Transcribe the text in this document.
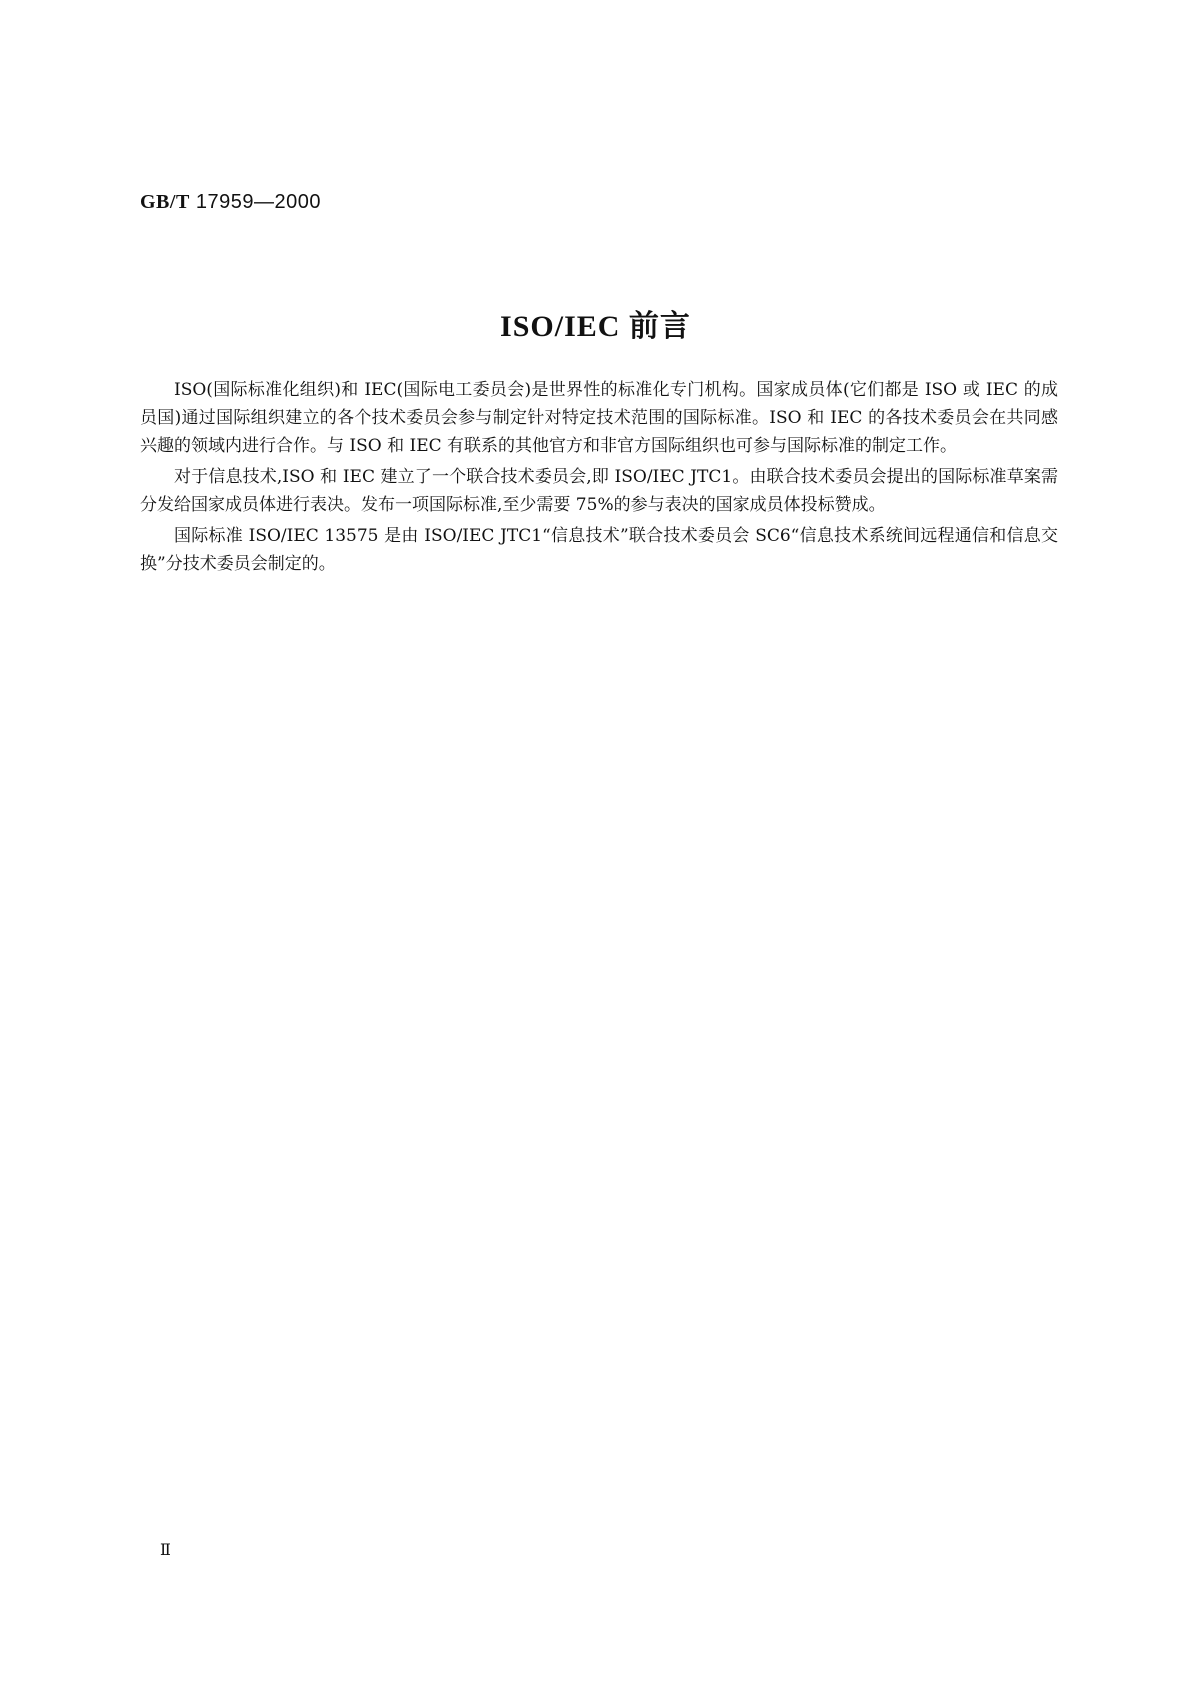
GB/T 17959—2000
ISO/IEC 前言

ISO(国际标准化组织)和 IEC(国际电工委员会)是世界性的标准化专门机构。国家成员体(它们都是 ISO 或 IEC 的成员国)通过国际组织建立的各个技术委员会参与制定针对特定技术范围的国际标准。ISO 和 IEC 的各技术委员会在共同感兴趣的领域内进行合作。与 ISO 和 IEC 有联系的其他官方和非官方国际组织也可参与国际标准的制定工作。

对于信息技术,ISO 和 IEC 建立了一个联合技术委员会,即 ISO/IEC JTC1。由联合技术委员会提出的国际标准草案需分发给国家成员体进行表决。发布一项国际标准,至少需要 75%的参与表决的国家成员体投标赞成。

国际标准 ISO/IEC 13575 是由 ISO/IEC JTC1“信息技术”联合技术委员会 SC6“信息技术系统间远程通信和信息交换”分技术委员会制定的。

Ⅱ
